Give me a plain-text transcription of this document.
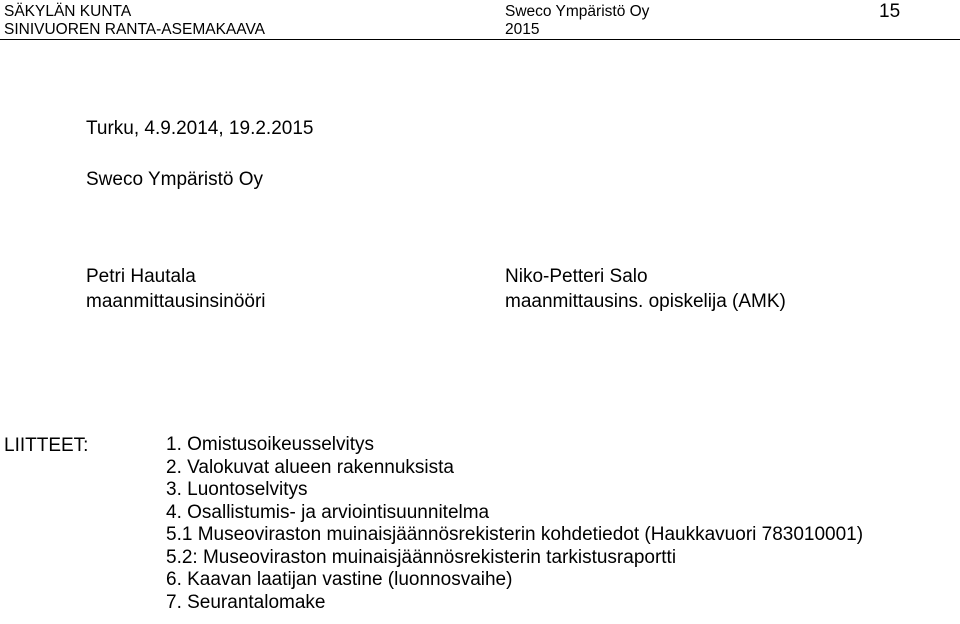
SÄKYLÄN KUNTA
SINIVUOREN RANTA-ASEMAKAAVA
Sweco Ympäristö Oy
2015
15
Turku, 4.9.2014, 19.2.2015
Sweco Ympäristö Oy
Petri Hautala
maanmittausinsinööri
Niko-Petteri Salo
maanmittausins. opiskelija (AMK)
LIITTEET:	1. Omistusoikeusselvitys
2. Valokuvat alueen rakennuksista
3. Luontoselvitys
4. Osallistumis- ja arviointisuunnitelma
5.1 Museoviraston muinaisjäännösrekisterin kohdetiedot (Haukkavuori 783010001)
5.2: Museoviraston muinaisjäännösrekisterin tarkistusraportti
6. Kaavan laatijan vastine (luonnosvaihe)
7. Seurantalomake
